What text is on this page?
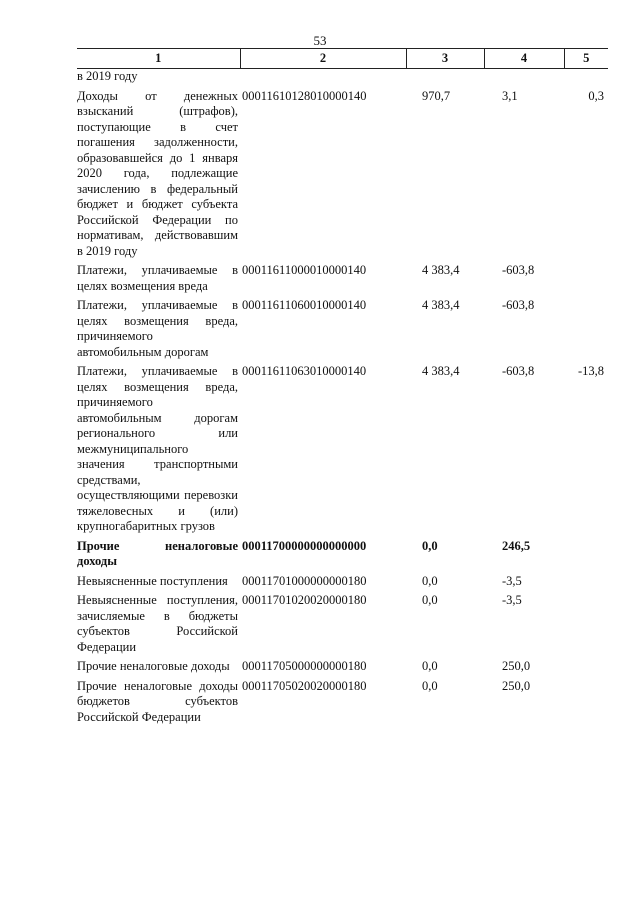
53
1	2	3	4	5
в 2019 году				
Доходы от денежных взысканий (штрафов), поступающие в счет погашения задолженности, образовавшейся до 1 января 2020 года, подлежащие зачислению в федеральный бюджет и бюджет субъекта Российской Федерации по нормативам, действовавшим в 2019 году	00011610128010000140	970,7	3,1	0,3
Платежи, уплачиваемые в целях возмещения вреда	00011611000010000140	4 383,4	-603,8	
Платежи, уплачиваемые в целях возмещения вреда, причиняемого автомобильным дорогам	00011611060010000140	4 383,4	-603,8	
Платежи, уплачиваемые в целях возмещения вреда, причиняемого автомобильным дорогам регионального или межмуниципального значения транспортными средствами, осуществляющими перевозки тяжеловесных и (или) крупногабаритных грузов	00011611063010000140	4 383,4	-603,8	-13,8
Прочие неналоговые доходы	00011700000000000000	0,0	246,5	
Невыясненные поступления	00011701000000000180	0,0	-3,5	
Невыясненные поступления, зачисляемые в бюджеты субъектов Российской Федерации	00011701020020000180	0,0	-3,5	
Прочие неналоговые доходы	00011705000000000180	0,0	250,0	
Прочие неналоговые доходы бюджетов субъектов Российской Федерации	00011705020020000180	0,0	250,0	
